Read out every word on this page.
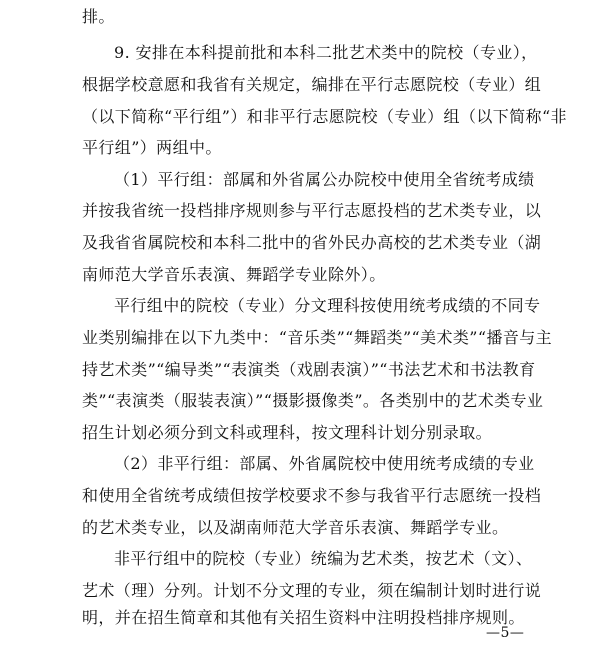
排。
9. 安排在本科提前批和本科二批艺术类中的院校（专业），
根据学校意愿和我省有关规定，编排在平行志愿院校（专业）组
（以下简称“平行组”）和非平行志愿院校（专业）组（以下简称“非
平行组”）两组中。
（1）平行组：部属和外省属公办院校中使用全省统考成绩
并按我省统一投档排序规则参与平行志愿投档的艺术类专业，以
及我省省属院校和本科二批中的省外民办高校的艺术类专业（湖
南师范大学音乐表演、舞蹈学专业除外）。
平行组中的院校（专业）分文理科按使用统考成绩的不同专
业类别编排在以下九类中：“音乐类”“舞蹈类”“美术类”“播音与主
持艺术类”“编导类”“表演类（戏剧表演）”“书法艺术和书法教育
类”“表演类（服装表演）”“摄影摄像类”。各类别中的艺术类专业
招生计划必须分到文科或理科，按文理科计划分别录取。
（2）非平行组：部属、外省属院校中使用统考成绩的专业
和使用全省统考成绩但按学校要求不参与我省平行志愿统一投档
的艺术类专业，以及湖南师范大学音乐表演、舞蹈学专业。
非平行组中的院校（专业）统编为艺术类，按艺术（文）、
艺术（理）分列。计划不分文理的专业，须在编制计划时进行说
明，并在招生简章和其他有关招生资料中注明投档排序规则。
—5—
